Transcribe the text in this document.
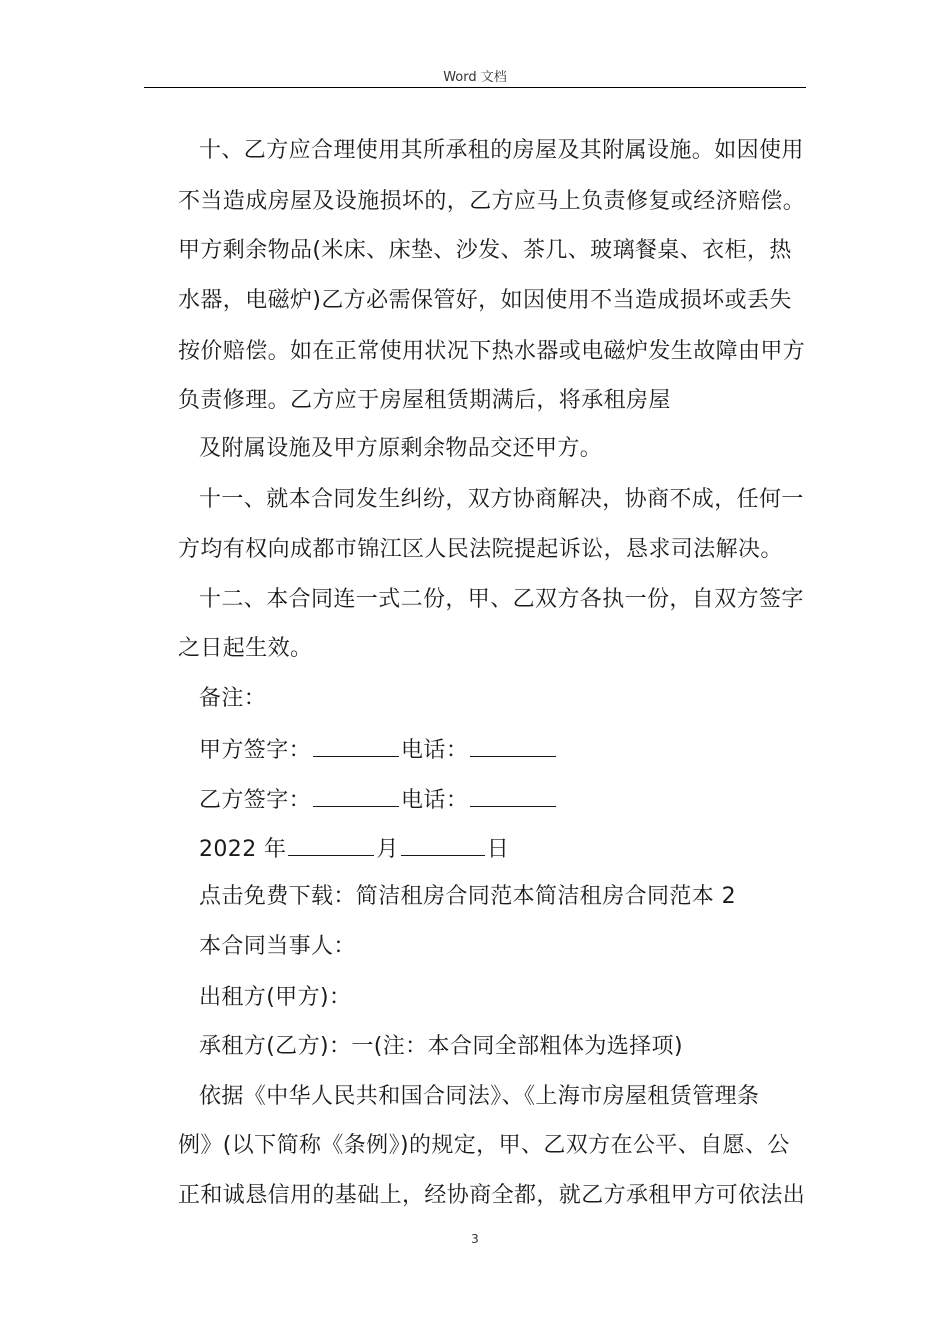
Word 文档
十、乙方应合理使用其所承租的房屋及其附属设施。如因使用
不当造成房屋及设施损坏的，乙方应马上负责修复或经济赔偿。
甲方剩余物品(米床、床垫、沙发、茶几、玻璃餐桌、衣柜，热
水器，电磁炉)乙方必需保管好，如因使用不当造成损坏或丢失
按价赔偿。如在正常使用状况下热水器或电磁炉发生故障由甲方
负责修理。乙方应于房屋租赁期满后，将承租房屋
及附属设施及甲方原剩余物品交还甲方。
十一、就本合同发生纠纷，双方协商解决，协商不成，任何一
方均有权向成都市锦江区人民法院提起诉讼，恳求司法解决。
十二、本合同连一式二份，甲、乙双方各执一份，自双方签字
之日起生效。
备注：
甲方签字：	电话：
乙方签字：	电话：
2022 年	月	日
点击免费下载：简洁租房合同范本简洁租房合同范本 2
本合同当事人：
出租方(甲方)：
承租方(乙方)：一(注：本合同全部粗体为选择项)
依据《中华人民共和国合同法》、《上海市房屋租赁管理条
例》(以下简称《条例》)的规定，甲、乙双方在公平、自愿、公
正和诚恳信用的基础上，经协商全都，就乙方承租甲方可依法出
3
